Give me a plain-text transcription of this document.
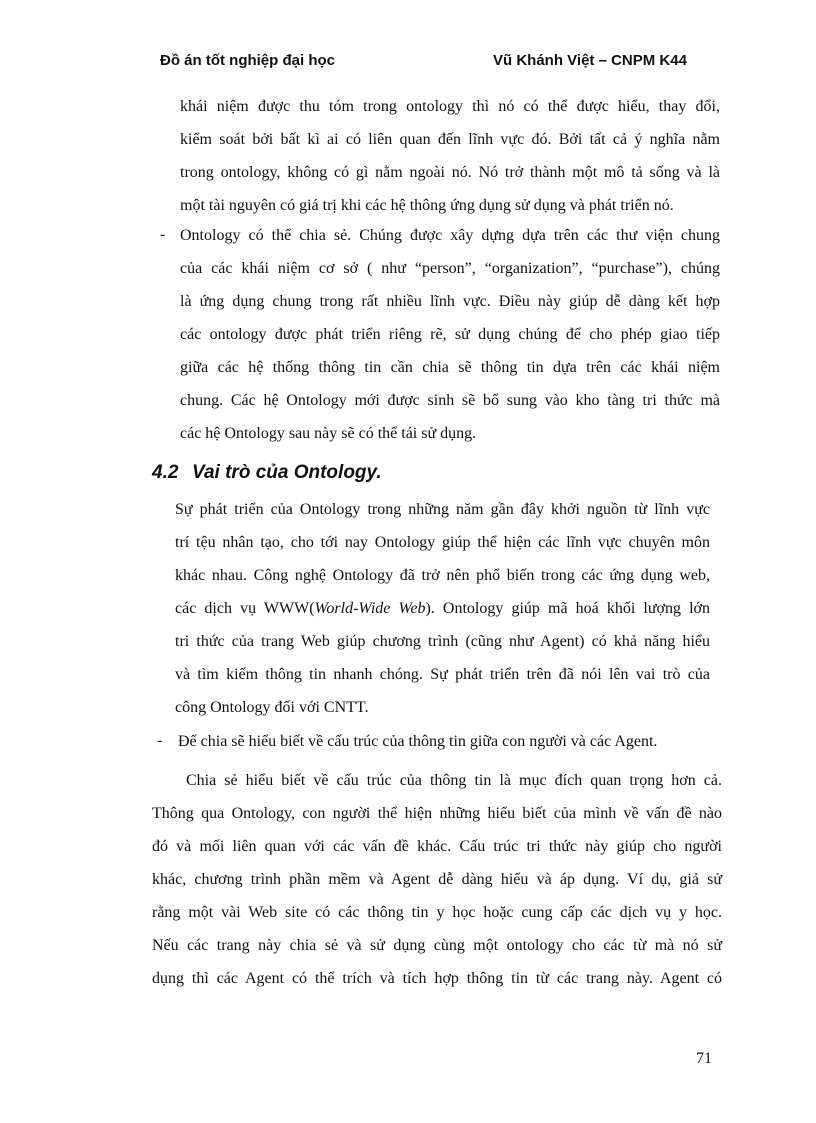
Đồ án tốt nghiệp đại học	Vũ Khánh Việt – CNPM K44
khái niệm được thu tóm trong ontology thì nó có thể được hiểu, thay đổi,
kiểm soát bởi bất kì ai có liên quan đến lĩnh vực đó. Bởi tất cả ý nghĩa nằm
trong ontology, không có gì nằm ngoài nó. Nó trở thành một mô tả sống và là
một tài nguyên có giá trị khi các hệ thông ứng dụng sử dụng và phát triển nó.
- Ontology có thể chia sẻ. Chúng được xây dựng dựa trên các thư viện chung
của các khái niệm cơ sở ( như “person”, “organization”, “purchase”), chúng
là ứng dụng chung trong rất nhiều lĩnh vực. Điều này giúp dễ dàng kết hợp
các ontology được phát triển riêng rẽ, sử dụng chúng để cho phép giao tiếp
giữa các hệ thống thông tin cần chia sẽ thông tin dựa trên các khái niệm
chung. Các hệ Ontology mới được sinh sẽ bổ sung vào kho tàng tri thức mà
các hệ Ontology sau này sẽ có thể tái sử dụng.
4.2 Vai trò của Ontology.
Sự phát triển của Ontology trong những năm gần đây khởi nguồn từ lĩnh vực
trí tệu nhân tạo, cho tới nay Ontology giúp thể hiện các lĩnh vực chuyên môn
khác nhau. Công nghệ Ontology đã trở nên phổ biến trong các ứng dụng web,
các dịch vụ WWW(World-Wide Web). Ontology giúp mã hoá khối lượng lớn
tri thức của trang Web giúp chương trình (cũng như Agent) có khả năng hiểu
và tìm kiếm thông tin nhanh chóng. Sự phát triển trên đã nói lên vai trò của
công Ontology đối với CNTT.
- Để chia sẽ hiểu biết về cấu trúc của thông tin giữa con người và các Agent.
Chia sẻ hiểu biết về cấu trúc của thông tin là mục đích quan trọng hơn cả.
Thông qua Ontology, con người thể hiện những hiểu biết của mình về vấn đề nào
đó và mối liên quan với các vấn đề khác. Cấu trúc tri thức này giúp cho người
khác, chương trình phần mềm và Agent dễ dàng hiểu và áp dụng. Ví dụ, giả sử
rằng một vài Web site có các thông tin y học hoặc cung cấp các dịch vụ y học.
Nếu các trang này chia sẻ và sử dụng cùng một ontology cho các từ mà nó sử
dụng thì các Agent có thể trích và tích hợp thông tin từ các trang này. Agent có
71
